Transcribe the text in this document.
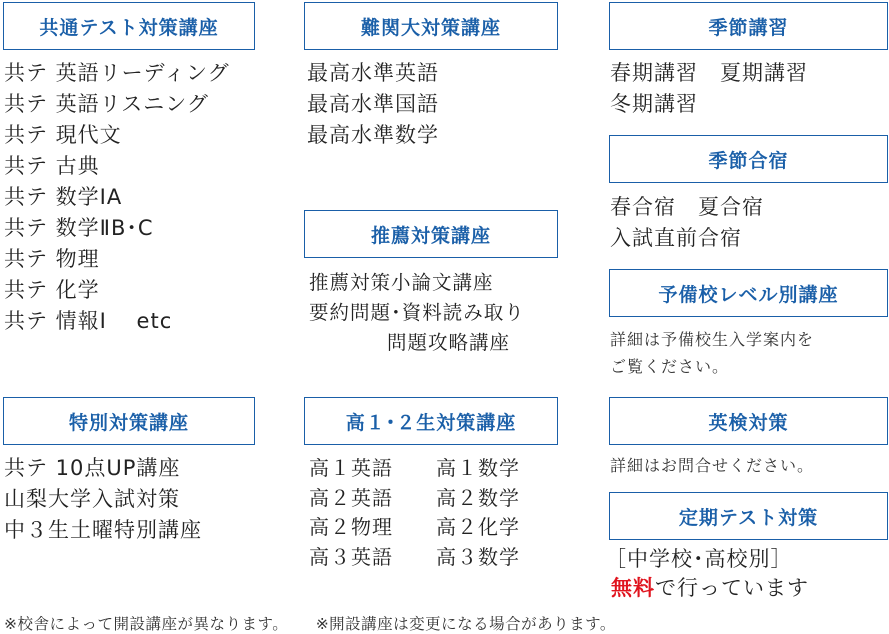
共通テスト対策講座
共テ 英語リーディング
共テ 英語リスニング
共テ 現代文
共テ 古典
共テ 数学ⅠA
共テ 数学ⅡB･C
共テ 物理
共テ 化学
共テ 情報Ⅰ　 etc
特別対策講座
共テ 10点UP講座
山梨大学入試対策
中３生土曜特別講座
難関大対策講座
最高水準英語
最高水準国語
最高水準数学
推薦対策講座
推薦対策小論文講座
要約問題･資料読み取り
問題攻略講座
高１･２生対策講座
高１英語	高１数学
高２英語	高２数学
高２物理	高２化学
高３英語	高３数学
季節講習
春期講習　夏期講習
冬期講習
季節合宿
春合宿　夏合宿
入試直前合宿
予備校レベル別講座
詳細は予備校生入学案内を
ご覧ください。
英検対策
詳細はお問合せください。
定期テスト対策
［中学校･高校別］
無料で行っています
※校舎によって開設講座が異なります。 ※開設講座は変更になる場合があります。
